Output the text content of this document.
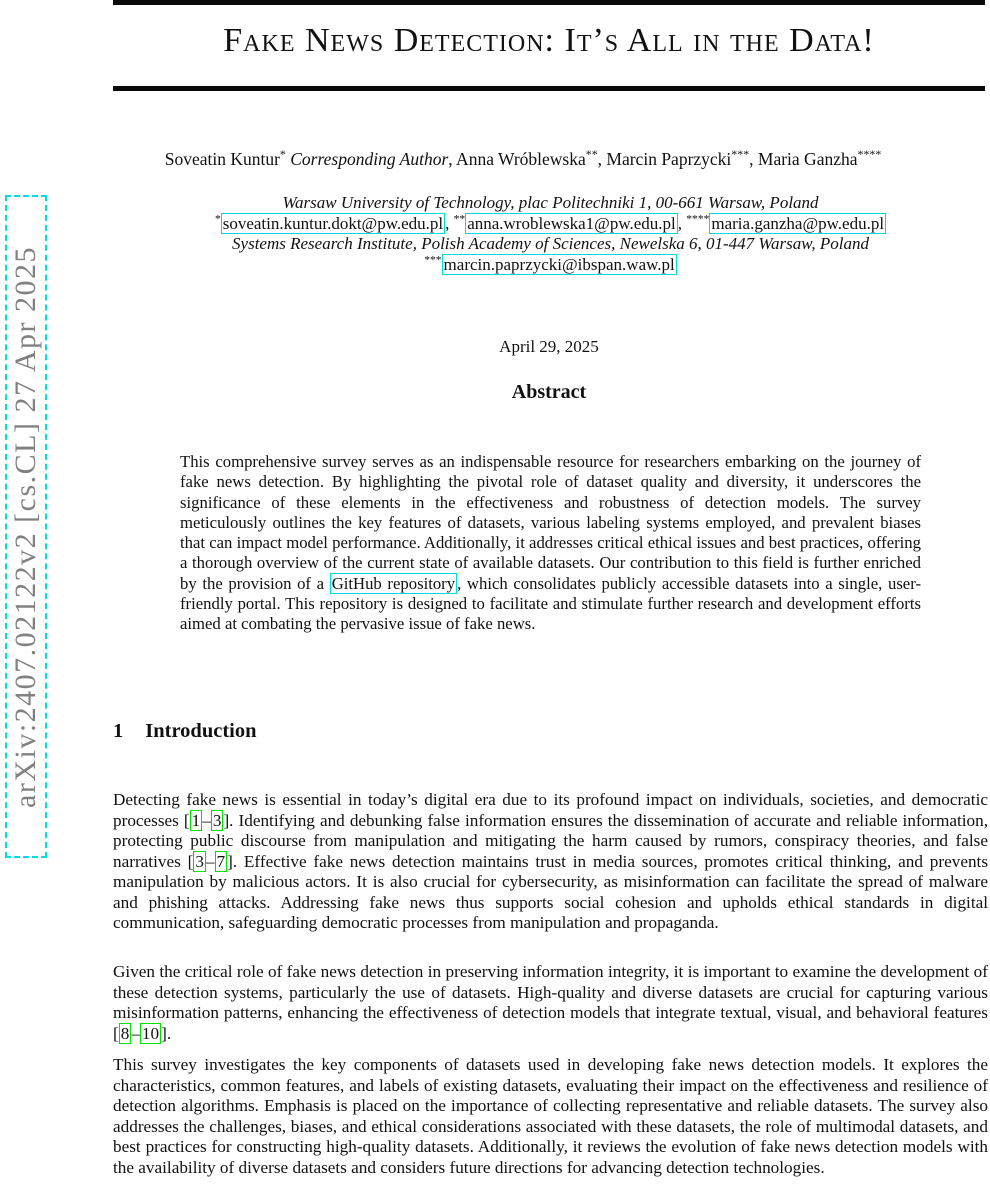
arXiv:2407.02122v2 [cs.CL] 27 Apr 2025
Fake News Detection: It’s All in the Data!

Soveatin Kuntur* Corresponding Author, Anna Wróblewska**, Marcin Paprzycki***, Maria Ganzha****

Warsaw University of Technology, plac Politechniki 1, 00-661 Warsaw, Poland

* soveatin.kuntur.dokt@pw.edu.pl , ** anna.wroblewska1@pw.edu.pl , **** maria.ganzha@pw.edu.pl

Systems Research Institute, Polish Academy of Sciences, Newelska 6, 01-447 Warsaw, Poland

*** marcin.paprzycki@ibspan.waw.pl

April 29, 2025

Abstract

This comprehensive survey serves as an indispensable resource for researchers embarking on the journey of fake news detection. By highlighting the pivotal role of dataset quality and diversity, it underscores the significance of these elements in the effectiveness and robustness of detection models. The survey meticulously outlines the key features of datasets, various labeling systems employed, and prevalent biases that can impact model performance. Additionally, it addresses critical ethical issues and best practices, offering a thorough overview of the current state of available datasets. Our contribution to this field is further enriched by the provision of a GitHub repository , which consolidates publicly accessible datasets into a single, user-friendly portal. This repository is designed to facilitate and stimulate further research and development efforts aimed at combating the pervasive issue of fake news.

1 Introduction

Detecting fake news is essential in today’s digital era due to its profound impact on individuals, societies, and democratic processes [ 1 – 3 ]. Identifying and debunking false information ensures the dissemination of accurate and reliable information, protecting public discourse from manipulation and mitigating the harm caused by rumors, conspiracy theories, and false narratives [ 3 – 7 ]. Effective fake news detection maintains trust in media sources, promotes critical thinking, and prevents manipulation by malicious actors. It is also crucial for cybersecurity, as misinformation can facilitate the spread of malware and phishing attacks. Addressing fake news thus supports social cohesion and upholds ethical standards in digital communication, safeguarding democratic processes from manipulation and propaganda.

Given the critical role of fake news detection in preserving information integrity, it is important to examine the development of these detection systems, particularly the use of datasets. High-quality and diverse datasets are crucial for capturing various misinformation patterns, enhancing the effectiveness of detection models that integrate textual, visual, and behavioral features [ 8 – 10 ].

This survey investigates the key components of datasets used in developing fake news detection models. It explores the characteristics, common features, and labels of existing datasets, evaluating their impact on the effectiveness and resilience of detection algorithms. Emphasis is placed on the importance of collecting representative and reliable datasets. The survey also addresses the challenges, biases, and ethical considerations associated with these datasets, the role of multimodal datasets, and best practices for constructing high-quality datasets. Additionally, it reviews the evolution of fake news detection models with the availability of diverse datasets and considers future directions for advancing detection technologies.
